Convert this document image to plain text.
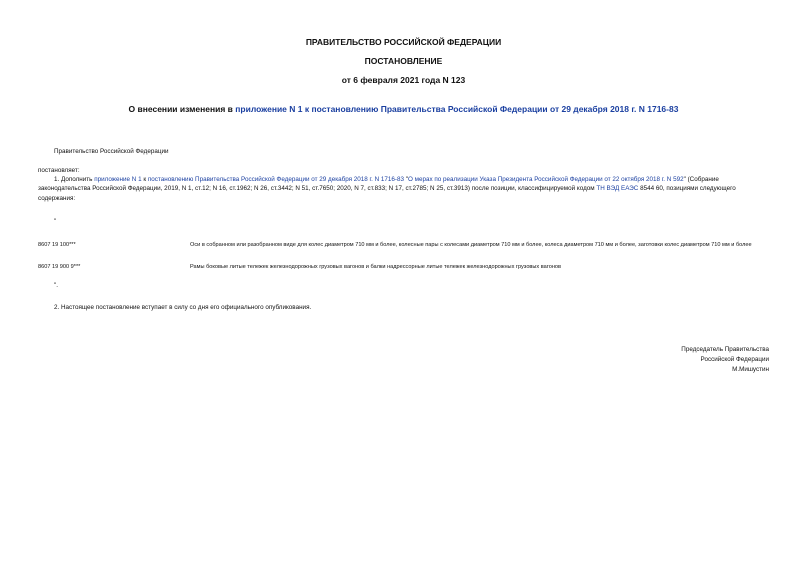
ПРАВИТЕЛЬСТВО РОССИЙСКОЙ ФЕДЕРАЦИИ
ПОСТАНОВЛЕНИЕ
от 6 февраля 2021 года N 123
О внесении изменения в приложение N 1 к постановлению Правительства Российской Федерации от 29 декабря 2018 г. N 1716-83
Правительство Российской Федерации
постановляет:
1. Дополнить приложение N 1 к постановлению Правительства Российской Федерации от 29 декабря 2018 г. N 1716-83 "О мерах по реализации Указа Президента Российской Федерации от 22 октября 2018 г. N 592" (Собрание законодательства Российской Федерации, 2019, N 1, ст.12; N 16, ст.1962; N 26, ст.3442; N 51, ст.7650; 2020, N 7, ст.833; N 17, ст.2785; N 25, ст.3913) после позиции, классифицируемой кодом ТН ВЭД ЕАЭС 8544 60, позициями следующего содержания:
"
8607 19 100***	Оси в собранном или разобранном виде для колес диаметром 710 мм и более, колесные пары с колесами диаметром 710 мм и более, колеса диаметром 710 мм и более, заготовки колес диаметром 710 мм и более
8607 19 900 9***	Рамы боковые литые тележек железнодорожных грузовых вагонов и балки надрессорные литые тележек железнодорожных грузовых вагонов
".
2. Настоящее постановление вступает в силу со дня его официального опубликования.
Председатель Правительства
Российской Федерации
М.Мишустин
